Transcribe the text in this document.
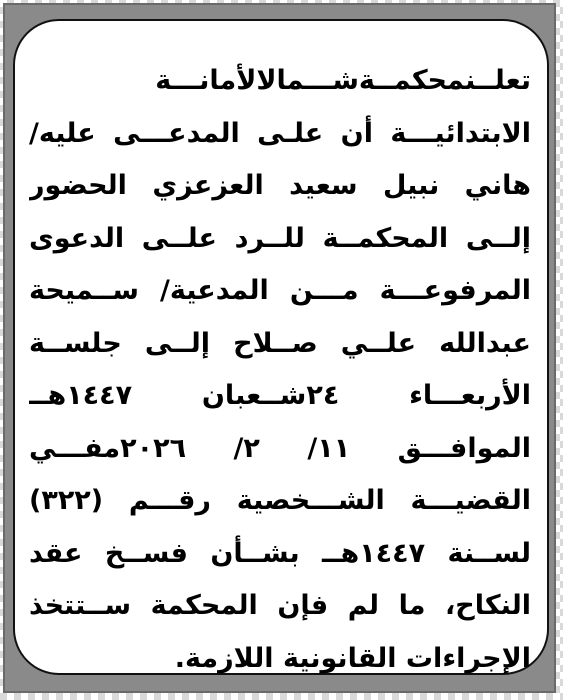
تعلــنمحكمــةشـــمالالأمانـــة
الابتدائيـــة أن علـى المدعـــى عليه/
هاني نبيل سعيد العزعزي الحضور
إلــى المحكمــة للــرد علــى الدعوى
المرفوعـــة مـــن المدعية/ ســميحة
عبدالله علــي صــلاح إلــى جلســة
الأربعـــاء ٢٤شــعبان ١٤٤٧هــ
الموافـــق ١١/ ٢/ ٢٠٢٦مفـــي
القضيـــة الشـــخصية رقـــم (٣٢٢)
لســنة ١٤٤٧هــ بشــأن فســخ عقد
النكاح، ما لم فإن المحكمة ســتتخذ
الإجراءات القانونية اللازمة.
